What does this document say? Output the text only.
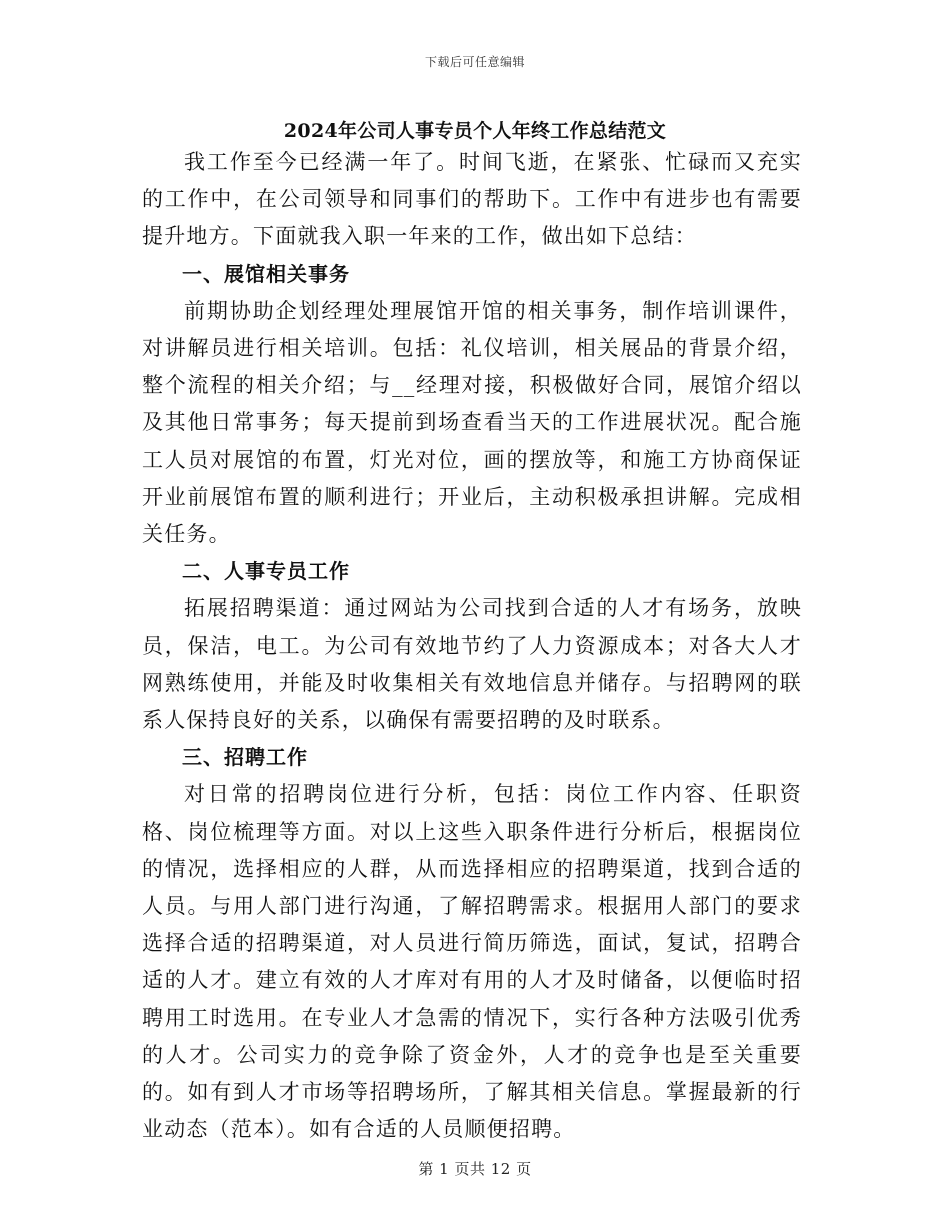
下载后可任意编辑
2024年公司人事专员个人年终工作总结范文

我工作至今已经满一年了。时间飞逝，在紧张、忙碌而又充实的工作中，在公司领导和同事们的帮助下。工作中有进步也有需要提升地方。下面就我入职一年来的工作，做出如下总结：

一、展馆相关事务

前期协助企划经理处理展馆开馆的相关事务，制作培训课件，对讲解员进行相关培训。包括：礼仪培训，相关展品的背景介绍，整个流程的相关介绍；与__经理对接，积极做好合同，展馆介绍以及其他日常事务；每天提前到场查看当天的工作进展状况。配合施工人员对展馆的布置，灯光对位，画的摆放等，和施工方协商保证开业前展馆布置的顺利进行；开业后，主动积极承担讲解。完成相关任务。

二、人事专员工作

拓展招聘渠道：通过网站为公司找到合适的人才有场务，放映员，保洁，电工。为公司有效地节约了人力资源成本；对各大人才网熟练使用，并能及时收集相关有效地信息并储存。与招聘网的联系人保持良好的关系，以确保有需要招聘的及时联系。

三、招聘工作

对日常的招聘岗位进行分析，包括：岗位工作内容、任职资格、岗位梳理等方面。对以上这些入职条件进行分析后，根据岗位的情况，选择相应的人群，从而选择相应的招聘渠道，找到合适的人员。与用人部门进行沟通，了解招聘需求。根据用人部门的要求选择合适的招聘渠道，对人员进行简历筛选，面试，复试，招聘合适的人才。建立有效的人才库对有用的人才及时储备，以便临时招聘用工时选用。在专业人才急需的情况下，实行各种方法吸引优秀的人才。公司实力的竞争除了资金外，人才的竞争也是至关重要的。如有到人才市场等招聘场所，了解其相关信息。掌握最新的行业动态（范本）。如有合适的人员顺便招聘。

第 1 页共 12 页
